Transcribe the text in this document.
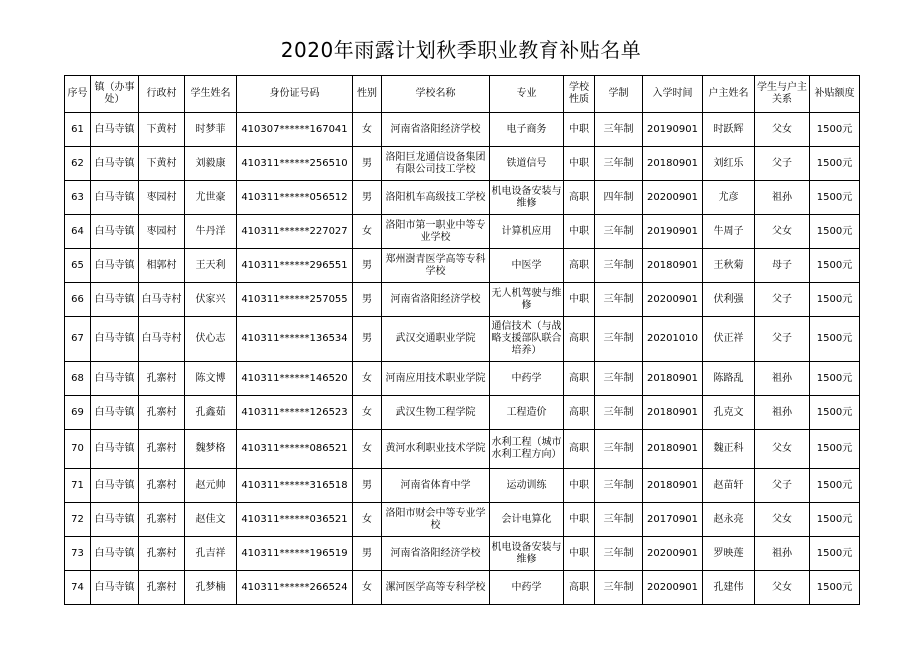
2020年雨露计划秋季职业教育补贴名单
序号	镇（办事处）	行政村	学生姓名	身份证号码	性别	学校名称	专业	学校性质	学制	入学时间	户主姓名	学生与户主关系	补贴额度
61	白马寺镇	下黄村	时梦菲	410307******167041	女	河南省洛阳经济学校	电子商务	中职	三年制	20190901	时跃辉	父女	1500元
62	白马寺镇	下黄村	刘毅康	410311******256510	男	洛阳巨龙通信设备集团有限公司技工学校	铁道信号	中职	三年制	20180901	刘红乐	父子	1500元
63	白马寺镇	枣园村	尤世豪	410311******056512	男	洛阳机车高级技工学校	机电设备安装与维修	高职	四年制	20200901	尤彦	祖孙	1500元
64	白马寺镇	枣园村	牛丹洋	410311******227027	女	洛阳市第一职业中等专业学校	计算机应用	中职	三年制	20190901	牛周子	父女	1500元
65	白马寺镇	相郭村	王天利	410311******296551	男	郑州澍青医学高等专科学校	中医学	高职	三年制	20180901	王秋菊	母子	1500元
66	白马寺镇	白马寺村	伏家兴	410311******257055	男	河南省洛阳经济学校	无人机驾驶与维修	中职	三年制	20200901	伏利强	父子	1500元
67	白马寺镇	白马寺村	伏心志	410311******136534	男	武汉交通职业学院	通信技术（与战略支援部队联合培养）	高职	三年制	20201010	伏正祥	父子	1500元
68	白马寺镇	孔寨村	陈文博	410311******146520	女	河南应用技术职业学院	中药学	高职	三年制	20180901	陈路乱	祖孙	1500元
69	白马寺镇	孔寨村	孔鑫茹	410311******126523	女	武汉生物工程学院	工程造价	高职	三年制	20180901	孔克文	祖孙	1500元
70	白马寺镇	孔寨村	魏梦格	410311******086521	女	黄河水利职业技术学院	水利工程（城市水利工程方向）	高职	三年制	20180901	魏正科	父女	1500元
71	白马寺镇	孔寨村	赵元帅	410311******316518	男	河南省体育中学	运动训练	中职	三年制	20180901	赵苗轩	父子	1500元
72	白马寺镇	孔寨村	赵佳文	410311******036521	女	洛阳市财会中等专业学校	会计电算化	中职	三年制	20170901	赵永亮	父女	1500元
73	白马寺镇	孔寨村	孔吉祥	410311******196519	男	河南省洛阳经济学校	机电设备安装与维修	中职	三年制	20200901	罗映莲	祖孙	1500元
74	白马寺镇	孔寨村	孔梦楠	410311******266524	女	漯河医学高等专科学校	中药学	高职	三年制	20200901	孔建伟	父女	1500元
